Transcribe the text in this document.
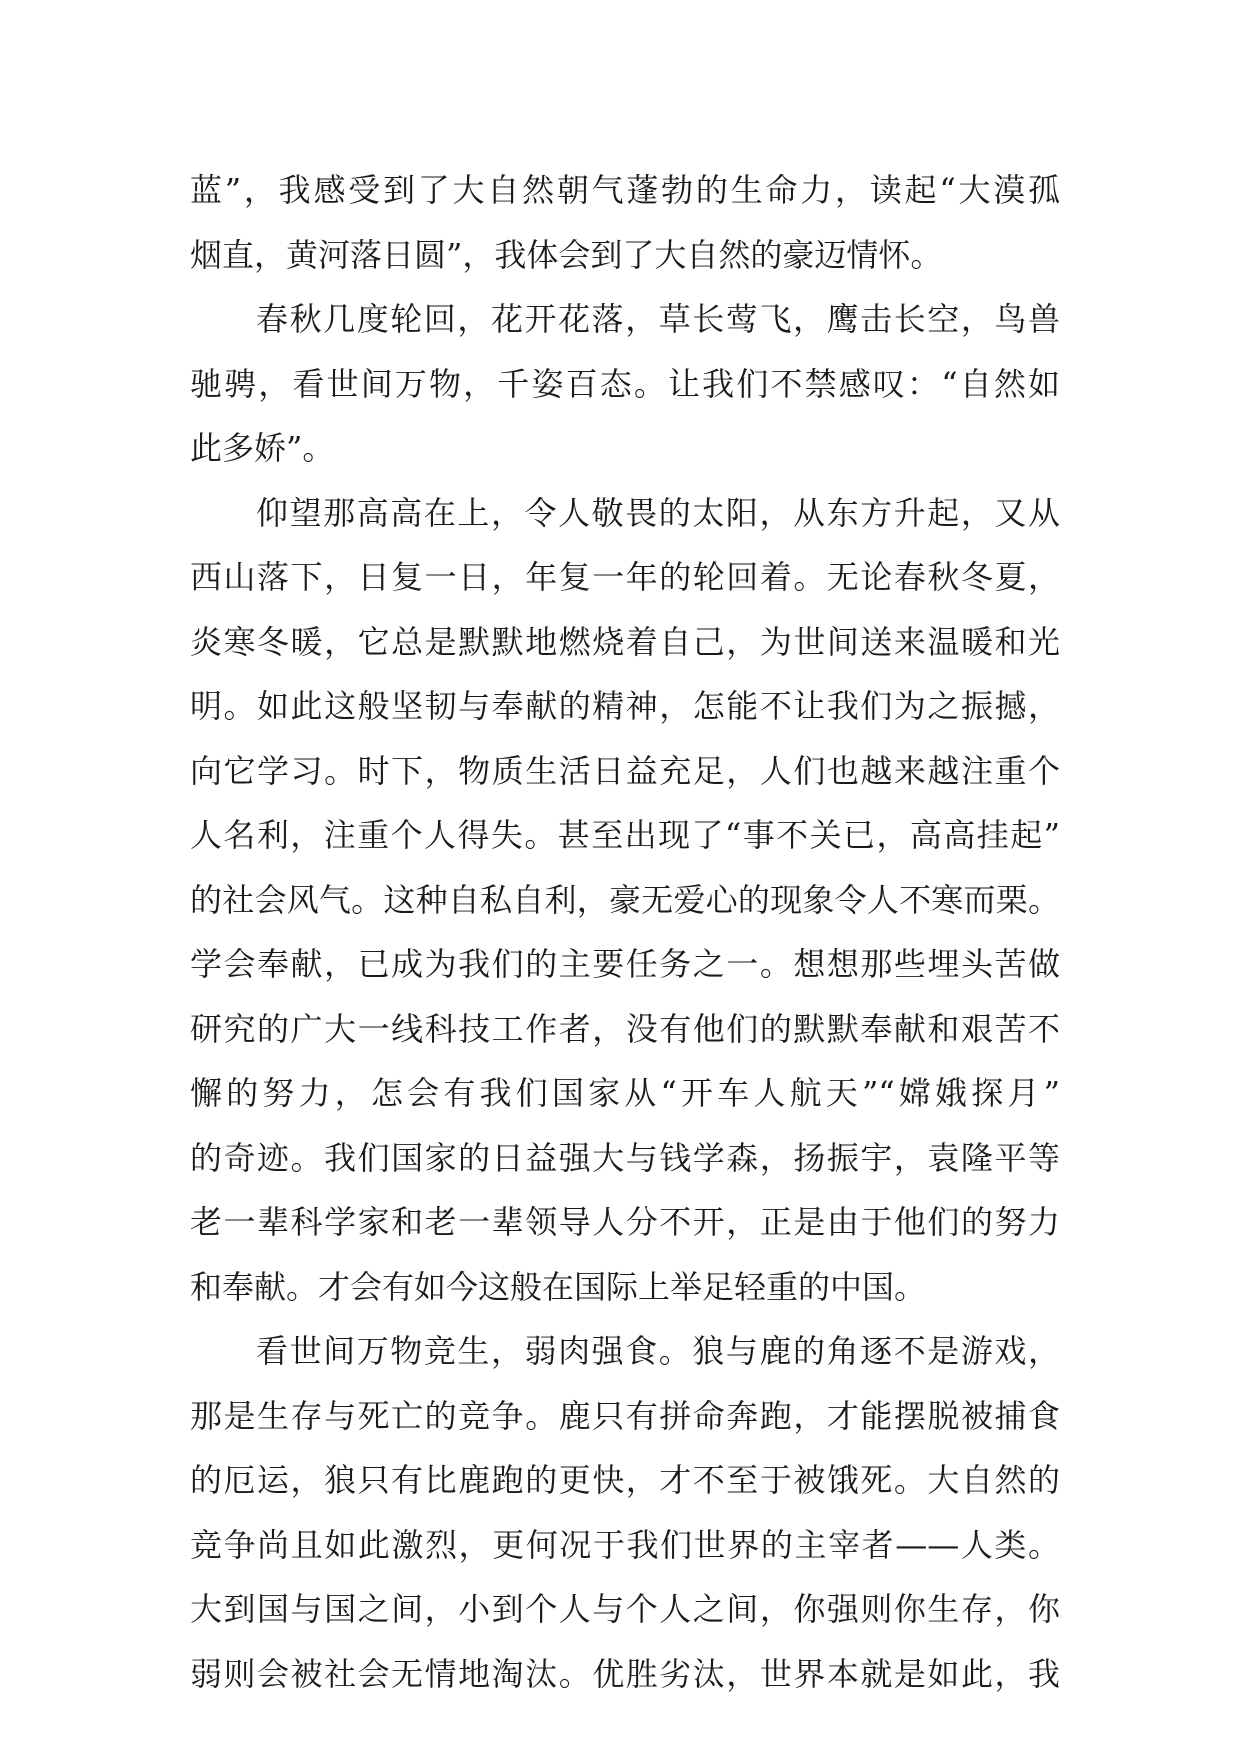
蓝”，我感受到了大自然朝气蓬勃的生命力，读起“大漠孤
烟直，黄河落日圆”，我体会到了大自然的豪迈情怀。
春秋几度轮回，花开花落，草长莺飞，鹰击长空，鸟兽
驰骋，看世间万物，千姿百态。让我们不禁感叹：“自然如
此多娇”。
仰望那高高在上，令人敬畏的太阳，从东方升起，又从
西山落下，日复一日，年复一年的轮回着。无论春秋冬夏，
炎寒冬暖，它总是默默地燃烧着自己，为世间送来温暖和光
明。如此这般坚韧与奉献的精神，怎能不让我们为之振撼，
向它学习。时下，物质生活日益充足，人们也越来越注重个
人名利，注重个人得失。甚至出现了“事不关已，高高挂起”
的社会风气。这种自私自利，豪无爱心的现象令人不寒而栗。
学会奉献，已成为我们的主要任务之一。想想那些埋头苦做
研究的广大一线科技工作者，没有他们的默默奉献和艰苦不
懈的努力，怎会有我们国家从“开车人航天”“嫦娥探月”
的奇迹。我们国家的日益强大与钱学森，扬振宇，袁隆平等
老一辈科学家和老一辈领导人分不开，正是由于他们的努力
和奉献。才会有如今这般在国际上举足轻重的中国。
看世间万物竞生，弱肉强食。狼与鹿的角逐不是游戏，
那是生存与死亡的竞争。鹿只有拼命奔跑，才能摆脱被捕食
的厄运，狼只有比鹿跑的更快，才不至于被饿死。大自然的
竞争尚且如此激烈，更何况于我们世界的主宰者——人类。
大到国与国之间，小到个人与个人之间，你强则你生存，你
弱则会被社会无情地淘汰。优胜劣汰，世界本就是如此，我
